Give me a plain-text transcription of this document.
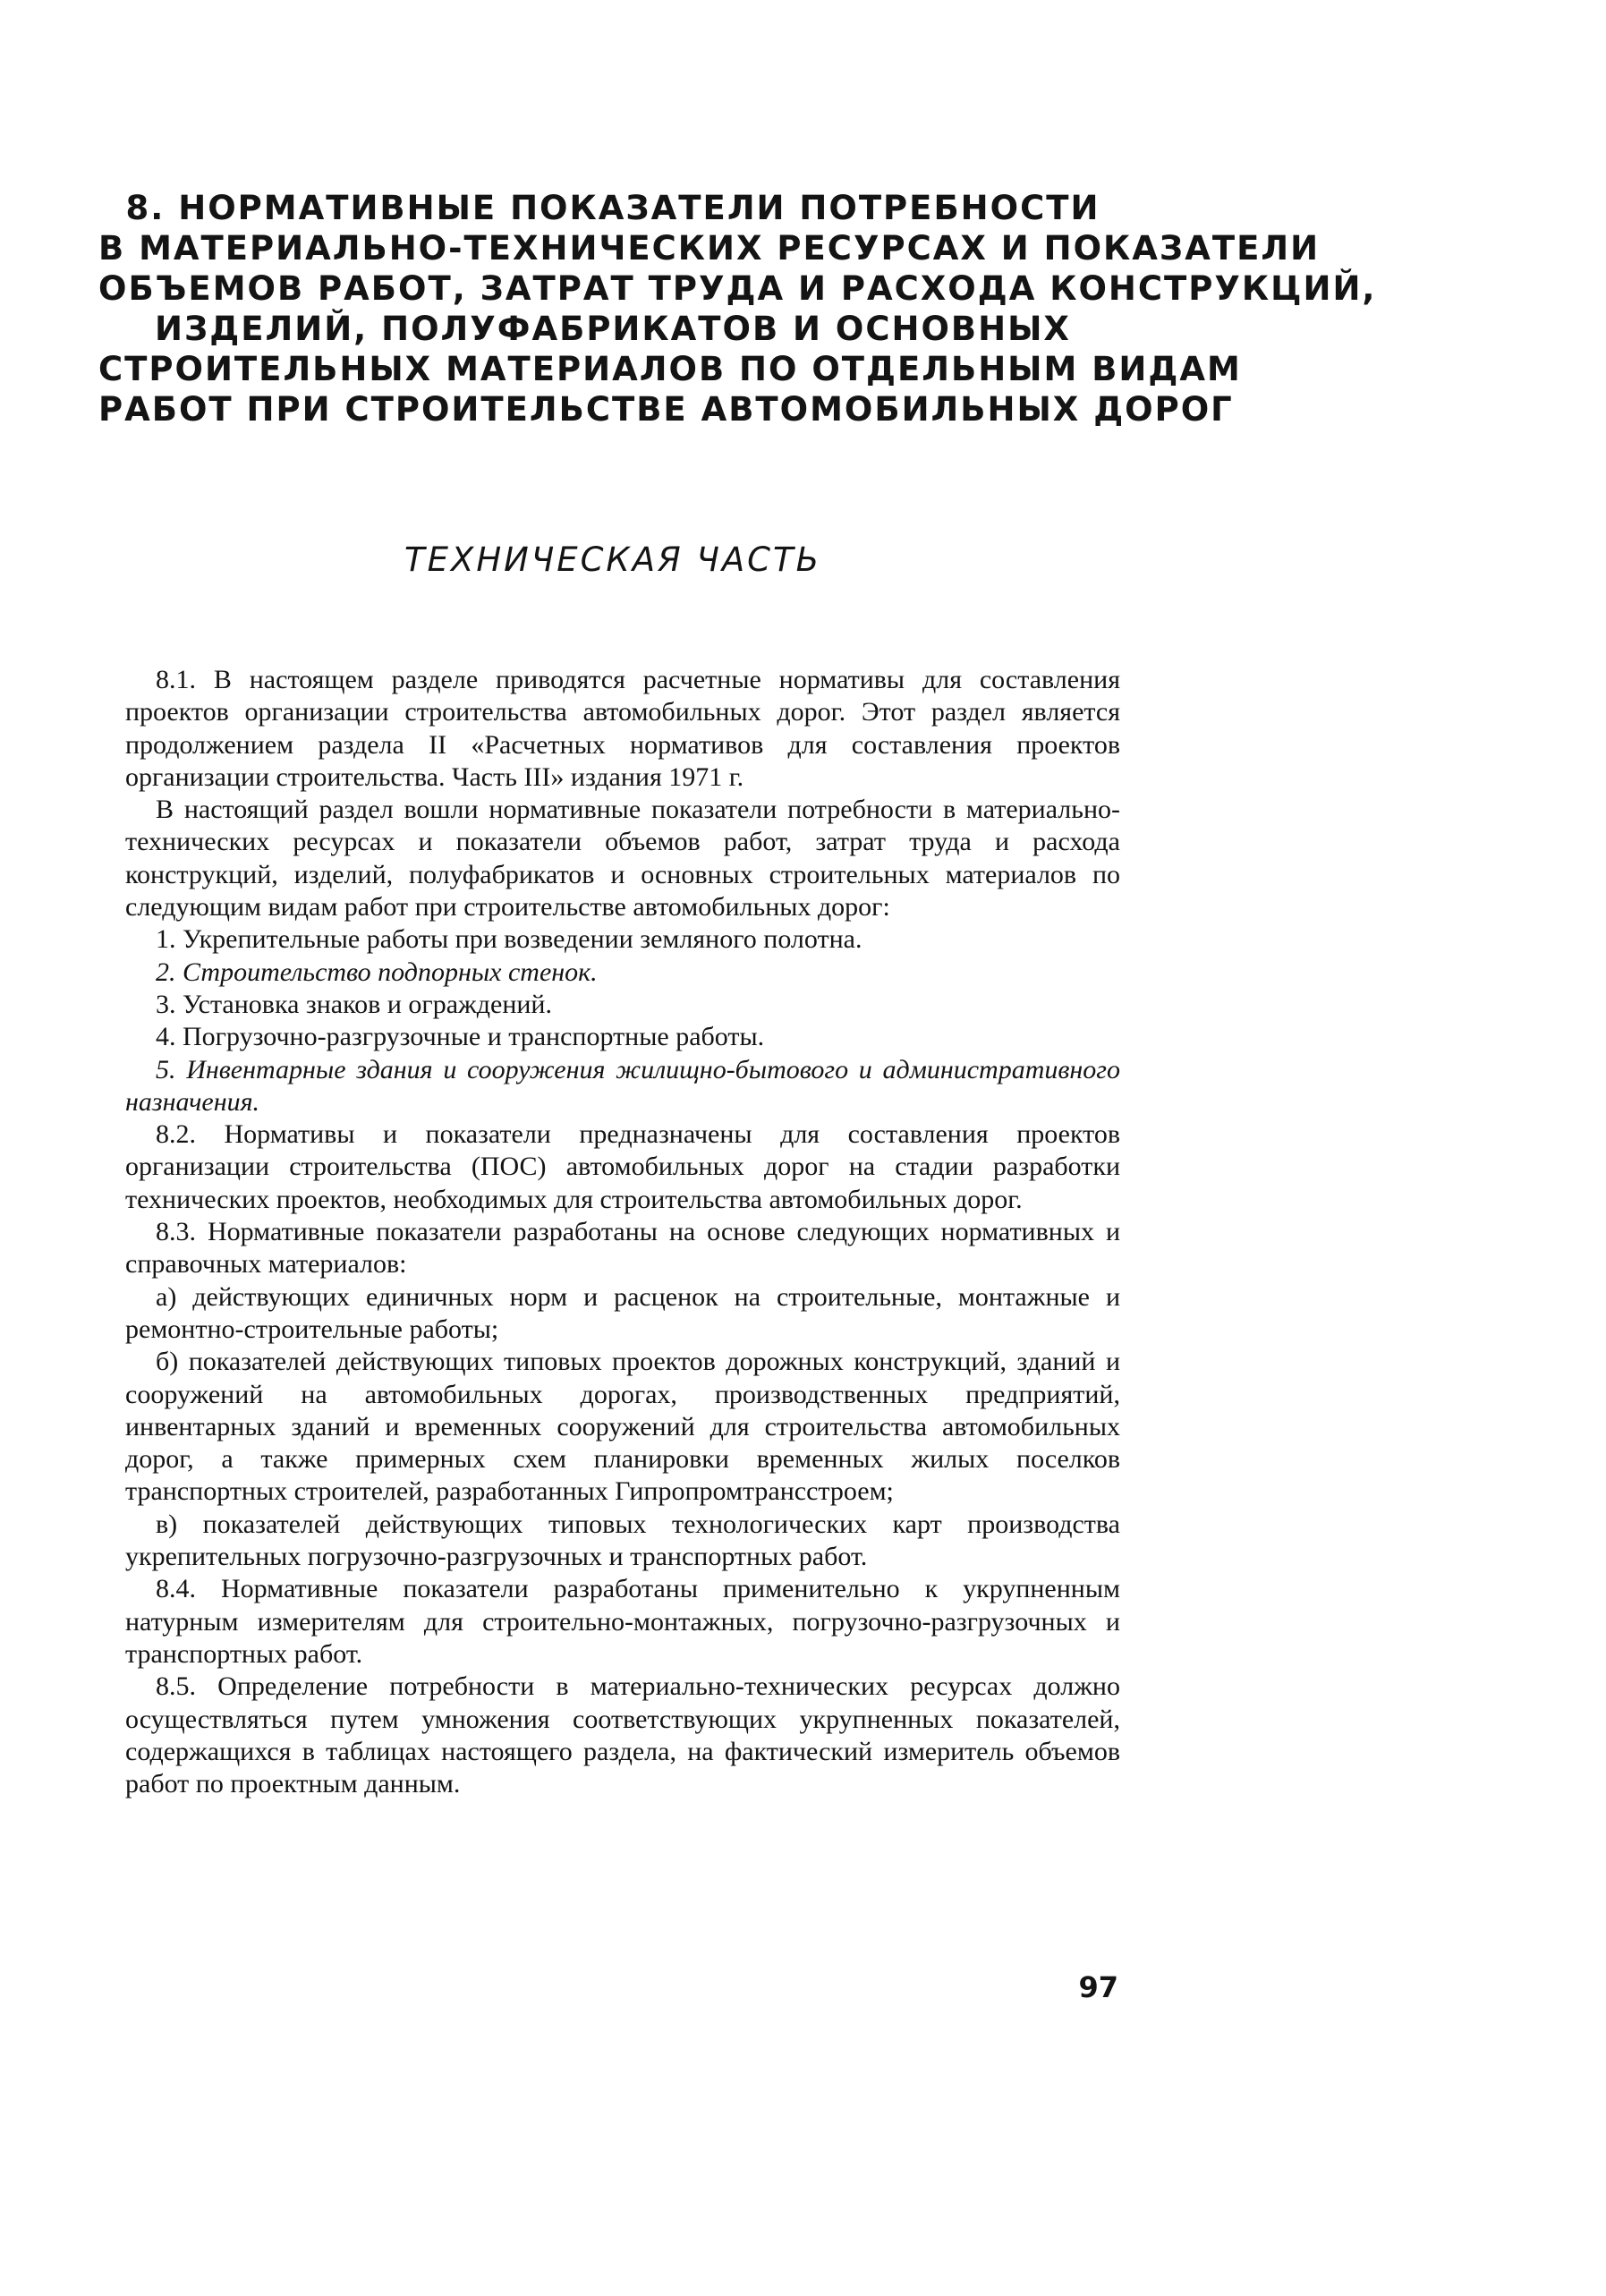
8. НОРМАТИВНЫЕ ПОКАЗАТЕЛИ ПОТРЕБНОСТИ
В МАТЕРИАЛЬНО-ТЕХНИЧЕСКИХ РЕСУРСАХ И ПОКАЗАТЕЛИ
ОБЪЕМОВ РАБОТ, ЗАТРАТ ТРУДА И РАСХОДА КОНСТРУКЦИЙ,
ИЗДЕЛИЙ, ПОЛУФАБРИКАТОВ И ОСНОВНЫХ
СТРОИТЕЛЬНЫХ МАТЕРИАЛОВ ПО ОТДЕЛЬНЫМ ВИДАМ
РАБОТ ПРИ СТРОИТЕЛЬСТВЕ АВТОМОБИЛЬНЫХ ДОРОГ
ТЕХНИЧЕСКАЯ ЧАСТЬ

8.1. В настоящем разделе приводятся расчетные нормативы для составления проектов организации строительства автомобильных дорог. Этот раздел является продолжением раздела II «Расчетных нормативов для составления проектов организации строительства. Часть III» издания 1971 г.

В настоящий раздел вошли нормативные показатели потребности в материально-технических ресурсах и показатели объемов работ, затрат труда и расхода конструкций, изделий, полуфабрикатов и основных строительных материалов по следующим видам работ при строительстве автомобильных дорог:

1. Укрепительные работы при возведении земляного полотна.

2. Строительство подпорных стенок.

3. Установка знаков и ограждений.

4. Погрузочно-разгрузочные и транспортные работы.

5. Инвентарные здания и сооружения жилищно-бытового и административного назначения.

8.2. Нормативы и показатели предназначены для составления проектов организации строительства (ПОС) автомобильных дорог на стадии разработки технических проектов, необходимых для строительства автомобильных дорог.

8.3. Нормативные показатели разработаны на основе следующих нормативных и справочных материалов:

а) действующих единичных норм и расценок на строительные, монтажные и ремонтно-строительные работы;

б) показателей действующих типовых проектов дорожных конструкций, зданий и сооружений на автомобильных дорогах, производственных предприятий, инвентарных зданий и временных сооружений для строительства автомобильных дорог, а также примерных схем планировки временных жилых поселков транспортных строителей, разработанных Гипропромтрансстроем;

в) показателей действующих типовых технологических карт производства укрепительных погрузочно-разгрузочных и транспортных работ.

8.4. Нормативные показатели разработаны применительно к укрупненным натурным измерителям для строительно-монтажных, погрузочно-разгрузочных и транспортных работ.

8.5. Определение потребности в материально-технических ресурсах должно осуществляться путем умножения соответствующих укрупненных показателей, содержащихся в таблицах настоящего раздела, на фактический измеритель объемов работ по проектным данным.

97
